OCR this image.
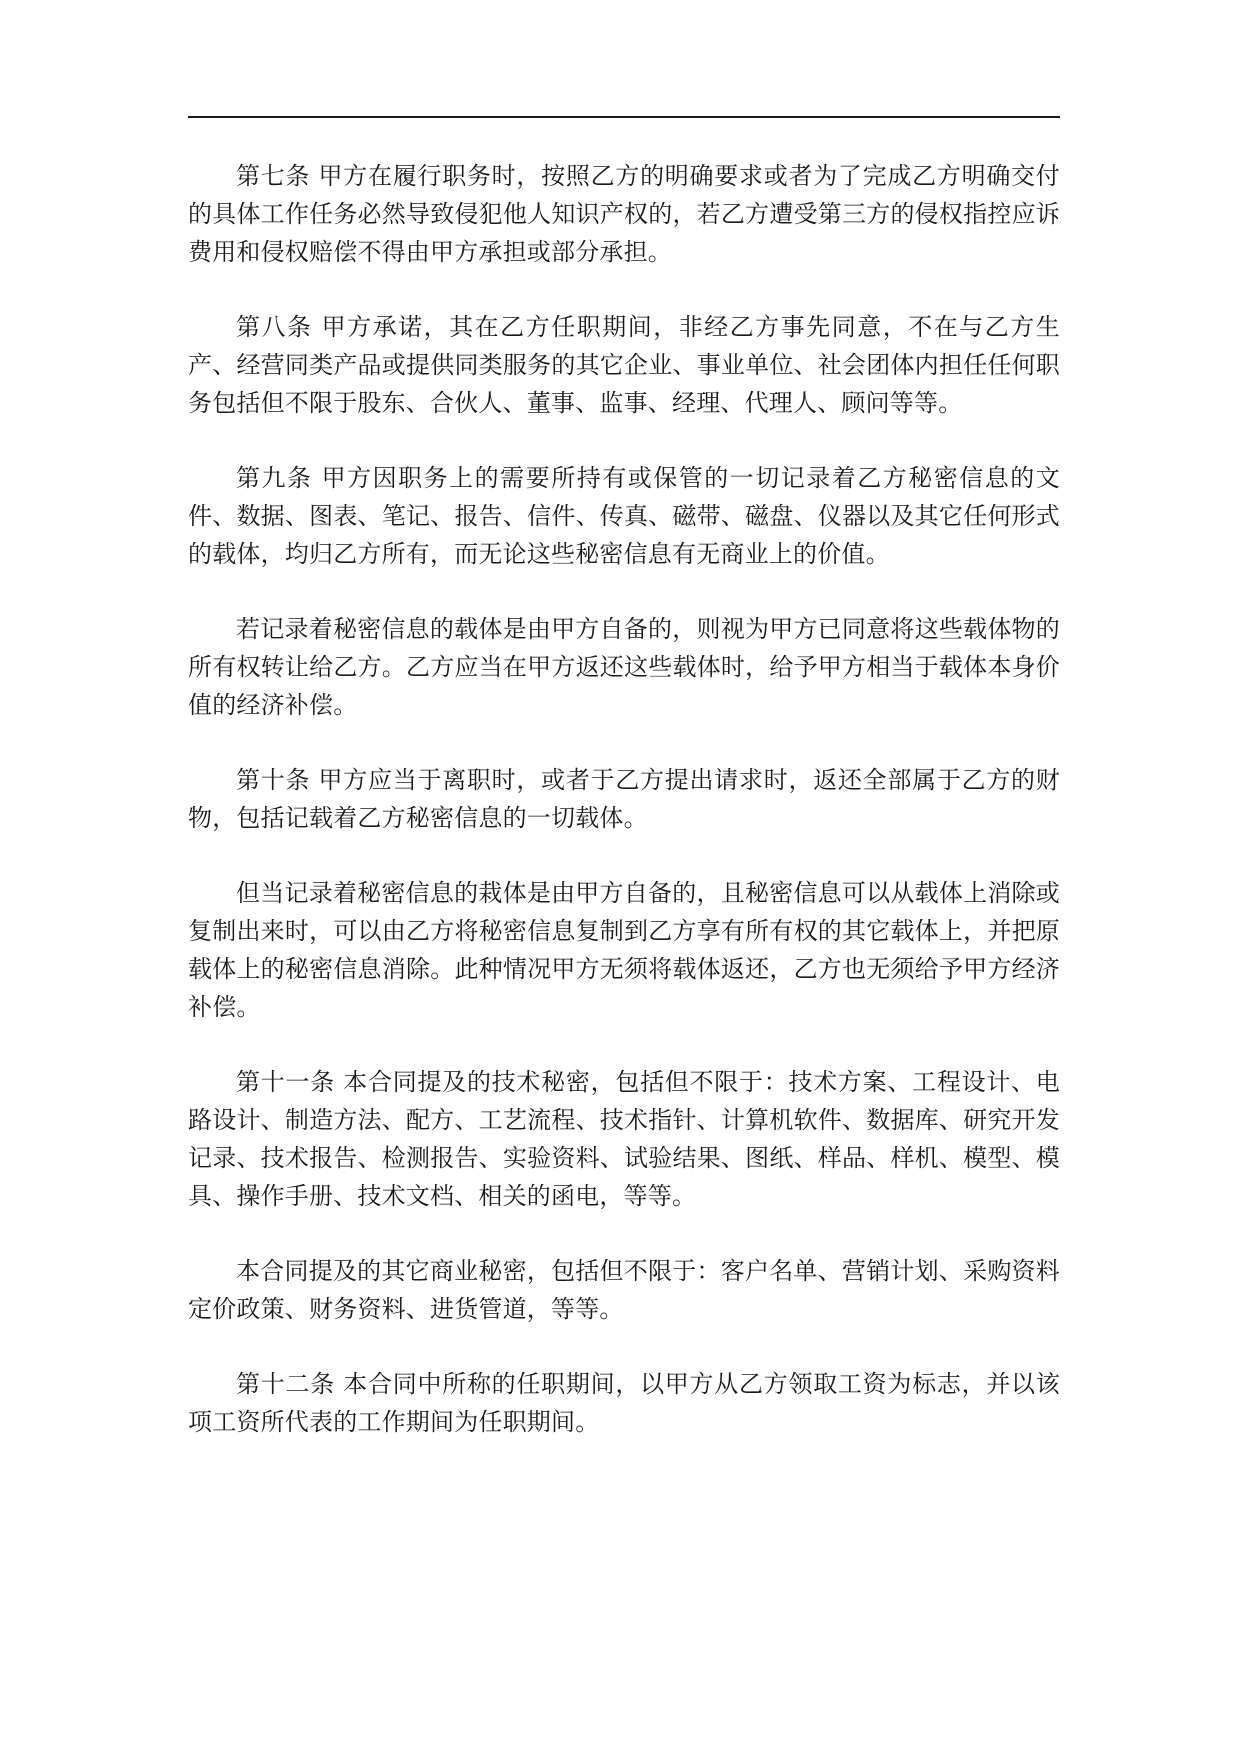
第七条 甲方在履行职务时，按照乙方的明确要求或者为了完成乙方明确交付的具体工作任务必然导致侵犯他人知识产权的，若乙方遭受第三方的侵权指控应诉费用和侵权赔偿不得由甲方承担或部分承担。

第八条 甲方承诺，其在乙方任职期间，非经乙方事先同意，不在与乙方生产、经营同类产品或提供同类服务的其它企业、事业单位、社会团体内担任任何职务包括但不限于股东、合伙人、董事、监事、经理、代理人、顾问等等。

第九条 甲方因职务上的需要所持有或保管的一切记录着乙方秘密信息的文件、数据、图表、笔记、报告、信件、传真、磁带、磁盘、仪器以及其它任何形式的载体，均归乙方所有，而无论这些秘密信息有无商业上的价值。

若记录着秘密信息的载体是由甲方自备的，则视为甲方已同意将这些载体物的所有权转让给乙方。乙方应当在甲方返还这些载体时，给予甲方相当于载体本身价值的经济补偿。

第十条 甲方应当于离职时，或者于乙方提出请求时，返还全部属于乙方的财物，包括记载着乙方秘密信息的一切载体。

但当记录着秘密信息的栽体是由甲方自备的，且秘密信息可以从载体上消除或复制出来时，可以由乙方将秘密信息复制到乙方享有所有权的其它载体上，并把原载体上的秘密信息消除。此种情况甲方无须将载体返还，乙方也无须给予甲方经济补偿。

第十一条 本合同提及的技术秘密，包括但不限于：技术方案、工程设计、电路设计、制造方法、配方、工艺流程、技术指针、计算机软件、数据库、研究开发记录、技术报告、检测报告、实验资料、试验结果、图纸、样品、样机、模型、模具、操作手册、技术文档、相关的函电，等等。

本合同提及的其它商业秘密，包括但不限于：客户名单、营销计划、采购资料定价政策、财务资料、进货管道，等等。

第十二条 本合同中所称的任职期间，以甲方从乙方领取工资为标志，并以该项工资所代表的工作期间为任职期间。
